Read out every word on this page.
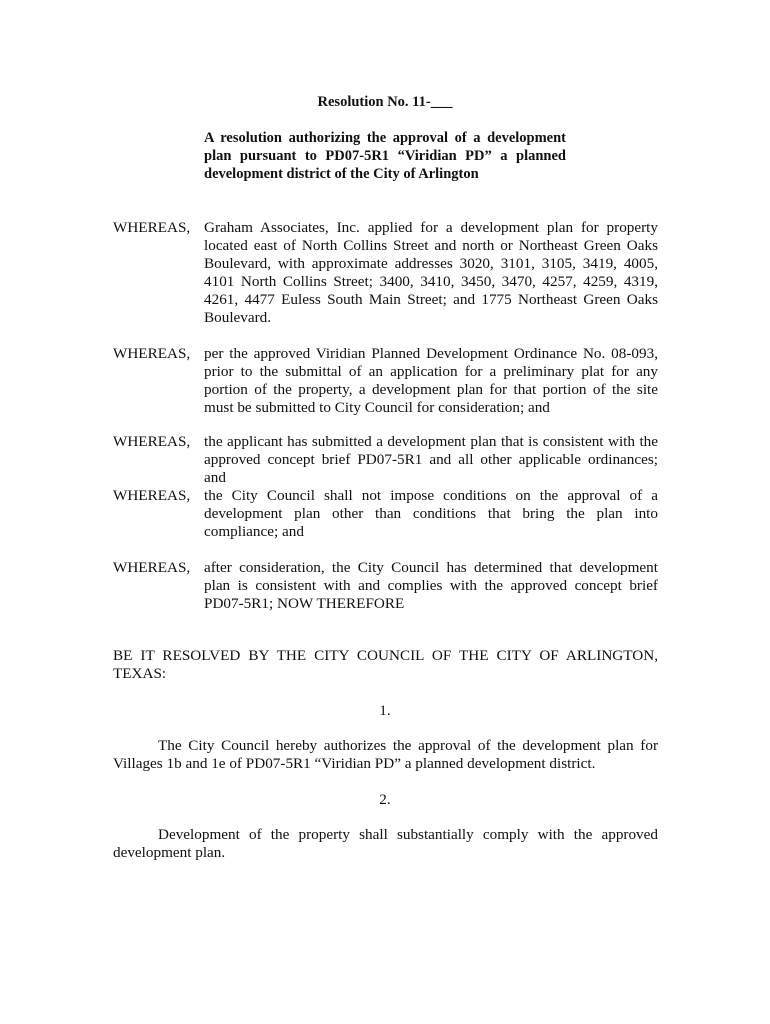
Resolution No. 11-___
A resolution authorizing the approval of a development plan pursuant to PD07-5R1 “Viridian PD” a planned development district of the City of Arlington
WHEREAS, Graham Associates, Inc. applied for a development plan for property located east of North Collins Street and north or Northeast Green Oaks Boulevard, with approximate addresses 3020, 3101, 3105, 3419, 4005, 4101 North Collins Street; 3400, 3410, 3450, 3470, 4257, 4259, 4319, 4261, 4477 Euless South Main Street; and 1775 Northeast Green Oaks Boulevard.
WHEREAS, per the approved Viridian Planned Development Ordinance No. 08-093, prior to the submittal of an application for a preliminary plat for any portion of the property, a development plan for that portion of the site must be submitted to City Council for consideration; and
WHEREAS, the applicant has submitted a development plan that is consistent with the approved concept brief PD07-5R1 and all other applicable ordinances; and
WHEREAS, the City Council shall not impose conditions on the approval of a development plan other than conditions that bring the plan into compliance; and
WHEREAS, after consideration, the City Council has determined that development plan is consistent with and complies with the approved concept brief PD07-5R1; NOW THEREFORE
BE IT RESOLVED BY THE CITY COUNCIL OF THE CITY OF ARLINGTON, TEXAS:
1.
The City Council hereby authorizes the approval of the development plan for Villages 1b and 1e of PD07-5R1 “Viridian PD” a planned development district.
2.
Development of the property shall substantially comply with the approved development plan.
